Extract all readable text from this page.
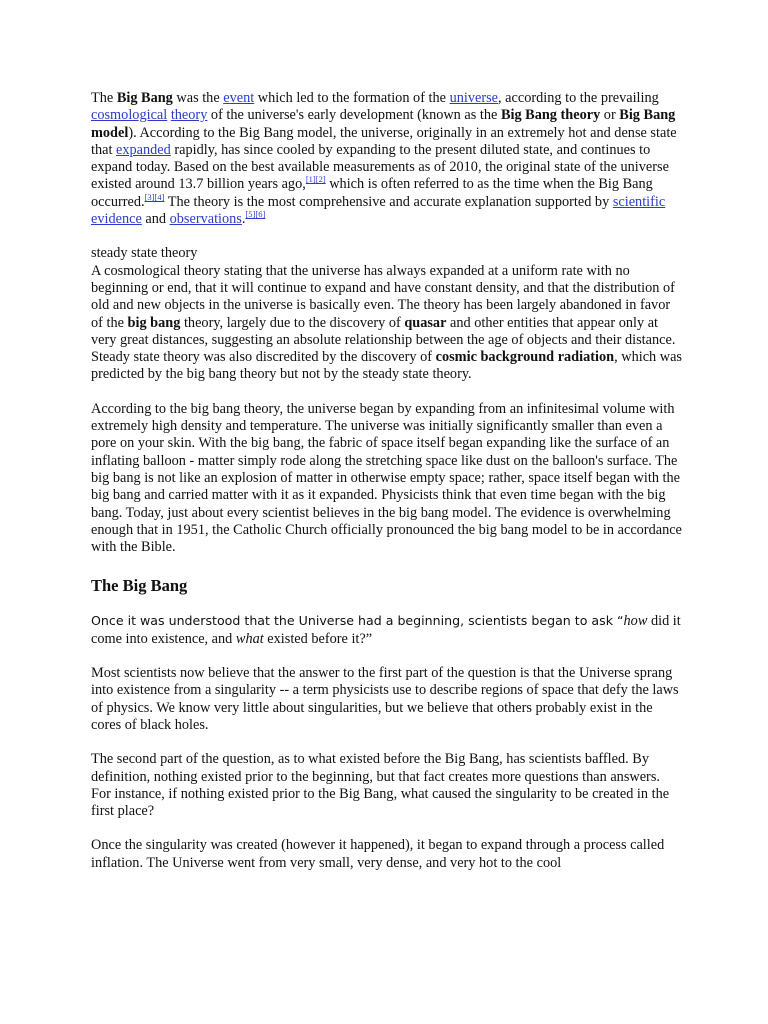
The Big Bang was the event which led to the formation of the universe, according to the prevailing cosmological theory of the universe's early development (known as the Big Bang theory or Big Bang model). According to the Big Bang model, the universe, originally in an extremely hot and dense state that expanded rapidly, has since cooled by expanding to the present diluted state, and continues to expand today. Based on the best available measurements as of 2010, the original state of the universe existed around 13.7 billion years ago,[1][2] which is often referred to as the time when the Big Bang occurred.[3][4] The theory is the most comprehensive and accurate explanation supported by scientific evidence and observations.[5][6]

steady state theory

A cosmological theory stating that the universe has always expanded at a uniform rate with no beginning or end, that it will continue to expand and have constant density, and that the distribution of old and new objects in the universe is basically even. The theory has been largely abandoned in favor of the big bang theory, largely due to the discovery of quasar and other entities that appear only at very great distances, suggesting an absolute relationship between the age of objects and their distance. Steady state theory was also discredited by the discovery of cosmic background radiation, which was predicted by the big bang theory but not by the steady state theory.

According to the big bang theory, the universe began by expanding from an infinitesimal volume with extremely high density and temperature. The universe was initially significantly smaller than even a pore on your skin. With the big bang, the fabric of space itself began expanding like the surface of an inflating balloon - matter simply rode along the stretching space like dust on the balloon's surface. The big bang is not like an explosion of matter in otherwise empty space; rather, space itself began with the big bang and carried matter with it as it expanded. Physicists think that even time began with the big bang. Today, just about every scientist believes in the big bang model. The evidence is overwhelming enough that in 1951, the Catholic Church officially pronounced the big bang model to be in accordance with the Bible.

The Big Bang

Once it was understood that the Universe had a beginning, scientists began to ask “how did it come into existence, and what existed before it?”

Most scientists now believe that the answer to the first part of the question is that the Universe sprang into existence from a singularity -- a term physicists use to describe regions of space that defy the laws of physics. We know very little about singularities, but we believe that others probably exist in the cores of black holes.

The second part of the question, as to what existed before the Big Bang, has scientists baffled. By definition, nothing existed prior to the beginning, but that fact creates more questions than answers. For instance, if nothing existed prior to the Big Bang, what caused the singularity to be created in the first place?

Once the singularity was created (however it happened), it began to expand through a process called inflation. The Universe went from very small, very dense, and very hot to the cool
